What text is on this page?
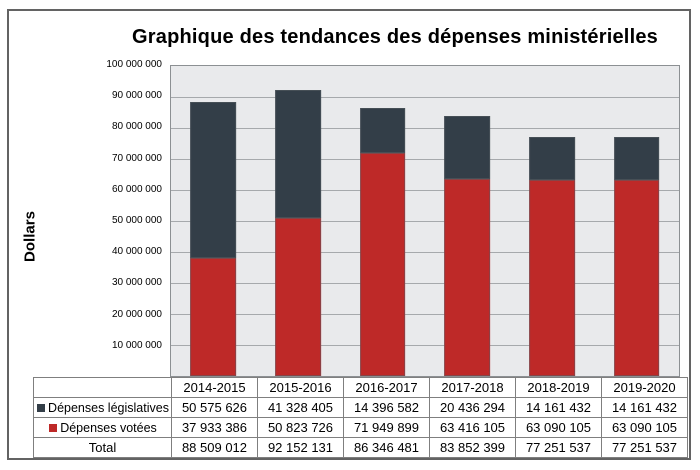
Graphique des tendances des dépenses ministérielles
Dollars
100 000 000
90 000 000
80 000 000
70 000 000
60 000 000
50 000 000
40 000 000
30 000 000
20 000 000
10 000 000
	2014-2015	2015-2016	2016-2017	2017-2018	2018-2019	2019-2020
Dépenses législatives	50 575 626	41 328 405	14 396 582	20 436 294	14 161 432	14 161 432
Dépenses votées	37 933 386	50 823 726	71 949 899	63 416 105	63 090 105	63 090 105
Total	88 509 012	92 152 131	86 346 481	83 852 399	77 251 537	77 251 537
